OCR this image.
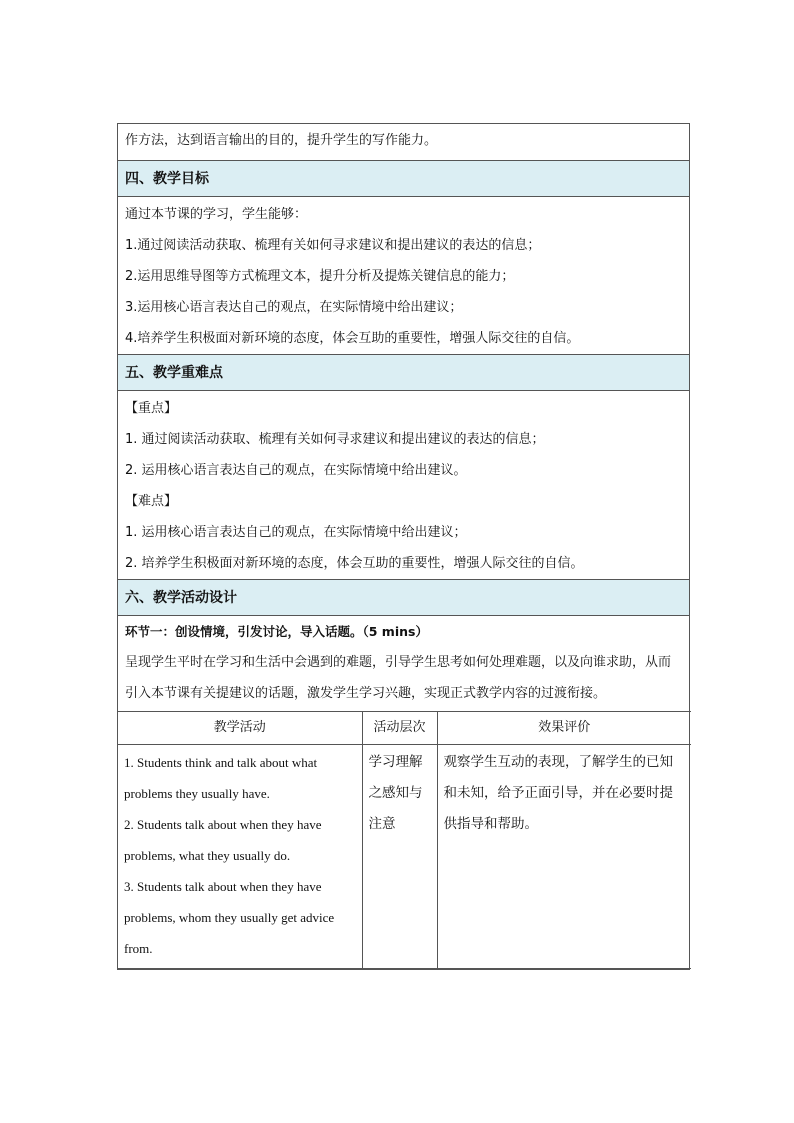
作方法，达到语言输出的目的，提升学生的写作能力。
四、教学目标
通过本节课的学习，学生能够：
1.通过阅读活动获取、梳理有关如何寻求建议和提出建议的表达的信息；
2.运用思维导图等方式梳理文本，提升分析及提炼关键信息的能力；
3.运用核心语言表达自己的观点，在实际情境中给出建议；
4.培养学生积极面对新环境的态度，体会互助的重要性，增强人际交往的自信。
五、教学重难点
【重点】
1. 通过阅读活动获取、梳理有关如何寻求建议和提出建议的表达的信息；
2. 运用核心语言表达自己的观点，在实际情境中给出建议。
【难点】
1. 运用核心语言表达自己的观点，在实际情境中给出建议；
2. 培养学生积极面对新环境的态度，体会互助的重要性，增强人际交往的自信。
六、教学活动设计
环节一：创设情境，引发讨论，导入话题。（5 mins）
呈现学生平时在学习和生活中会遇到的难题，引导学生思考如何处理难题，以及向谁求助，从而引入本节课有关提建议的话题，激发学生学习兴趣，实现正式教学内容的过渡衔接。
教学活动	活动层次	效果评价

1. Students think and talk about what problems they usually have.
2. Students talk about when they have problems, what they usually do.
3. Students talk about when they have problems, whom they usually get advice from.	学习理解之感知与注意	观察学生互动的表现，了解学生的已知和未知，给予正面引导，并在必要时提供指导和帮助。
